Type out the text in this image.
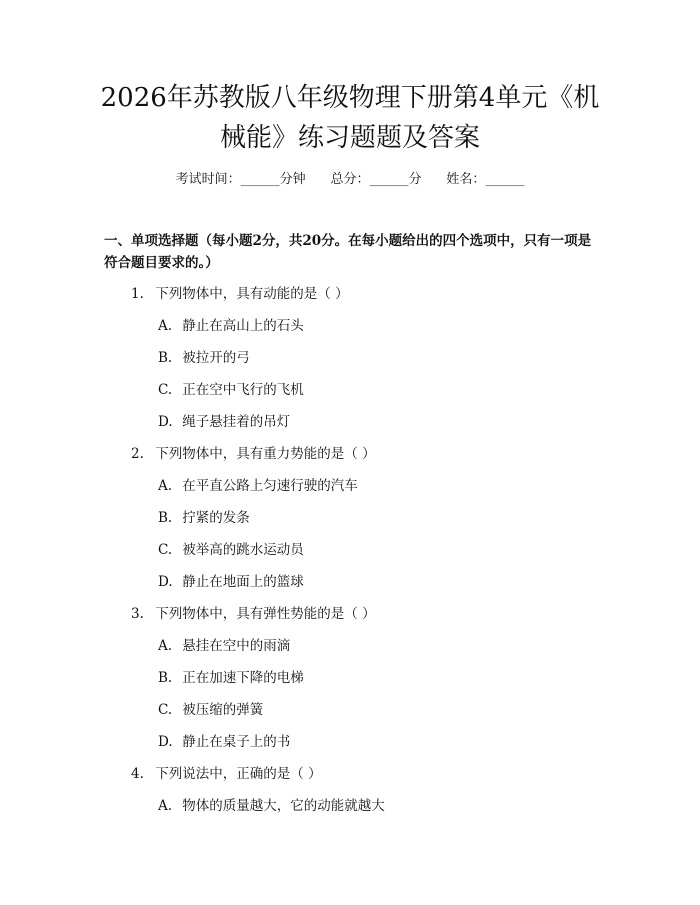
2026年苏教版八年级物理下册第4单元《机械能》练习题题及答案
考试时间：______分钟 总分：______分 姓名：______
一、单项选择题（每小题2分，共20分。在每小题给出的四个选项中，只有一项是符合题目要求的。）
1. 下列物体中，具有动能的是（ ）
A. 静止在高山上的石头
B. 被拉开的弓
C. 正在空中飞行的飞机
D. 绳子悬挂着的吊灯
2. 下列物体中，具有重力势能的是（ ）
A. 在平直公路上匀速行驶的汽车
B. 拧紧的发条
C. 被举高的跳水运动员
D. 静止在地面上的篮球
3. 下列物体中，具有弹性势能的是（ ）
A. 悬挂在空中的雨滴
B. 正在加速下降的电梯
C. 被压缩的弹簧
D. 静止在桌子上的书
4. 下列说法中，正确的是（ ）
A. 物体的质量越大，它的动能就越大
